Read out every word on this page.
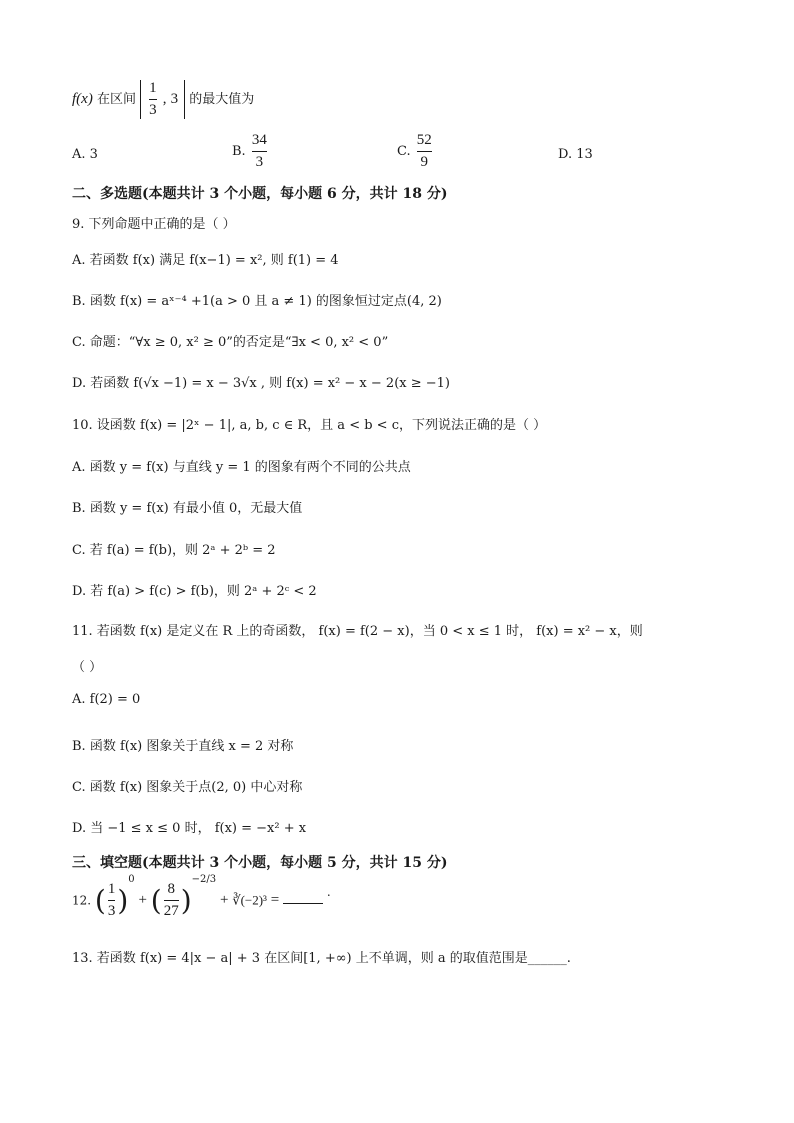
f(x) 在区间 $\frac{1}{3}$ , 3 的最大值为
A. 3	B. $\frac{34}{3}$	C. $\frac{52}{9}$	D. 13
二、多选题(本题共计 3 个小题，每小题 6 分，共计 18 分)
9. 下列命题中正确的是（ ）
A. 若函数 f(x) 满足 f(x−1) = x², 则 f(1) = 4
B. 函数 f(x) = aˣ⁻⁴ +1(a > 0 且 a ≠ 1) 的图象恒过定点(4, 2)
C. 命题：“∀x ≥ 0, x² ≥ 0”的否定是“∃x < 0, x² < 0”
D. 若函数 f(√x −1) = x − 3√x , 则 f(x) = x² − x − 2(x ≥ −1)
10. 设函数 f(x) = |2ˣ − 1|, a, b, c ∈ R，且 a < b < c，下列说法正确的是（ ）
A. 函数 y = f(x) 与直线 y = 1 的图象有两个不同的公共点
B. 函数 y = f(x) 有最小值 0，无最大值
C. 若 f(a) = f(b)，则 2ᵃ + 2ᵇ = 2
D. 若 f(a) > f(c) > f(b)，则 2ᵃ + 2ᶜ < 2
11. 若函数 f(x) 是定义在 R 上的奇函数， f(x) = f(2 − x)，当 0 < x ≤ 1 时， f(x) = x² − x，则
（ ）
A. f(2) = 0
B. 函数 f(x) 图象关于直线 x = 2 对称
C. 函数 f(x) 图象关于点(2, 0) 中心对称
D. 当 −1 ≤ x ≤ 0 时， f(x) = −x² + x
三、填空题(本题共计 3 个小题，每小题 5 分，共计 15 分)
12. ( $\frac{1}{3} )^0$ + ( $\frac{8}{27} )^{-2/3}$ + ∛(−2)³ =	.
13. 若函数 f(x) = 4|x − a| + 3 在区间[1, +∞) 上不单调，则 a 的取值范围是______.
